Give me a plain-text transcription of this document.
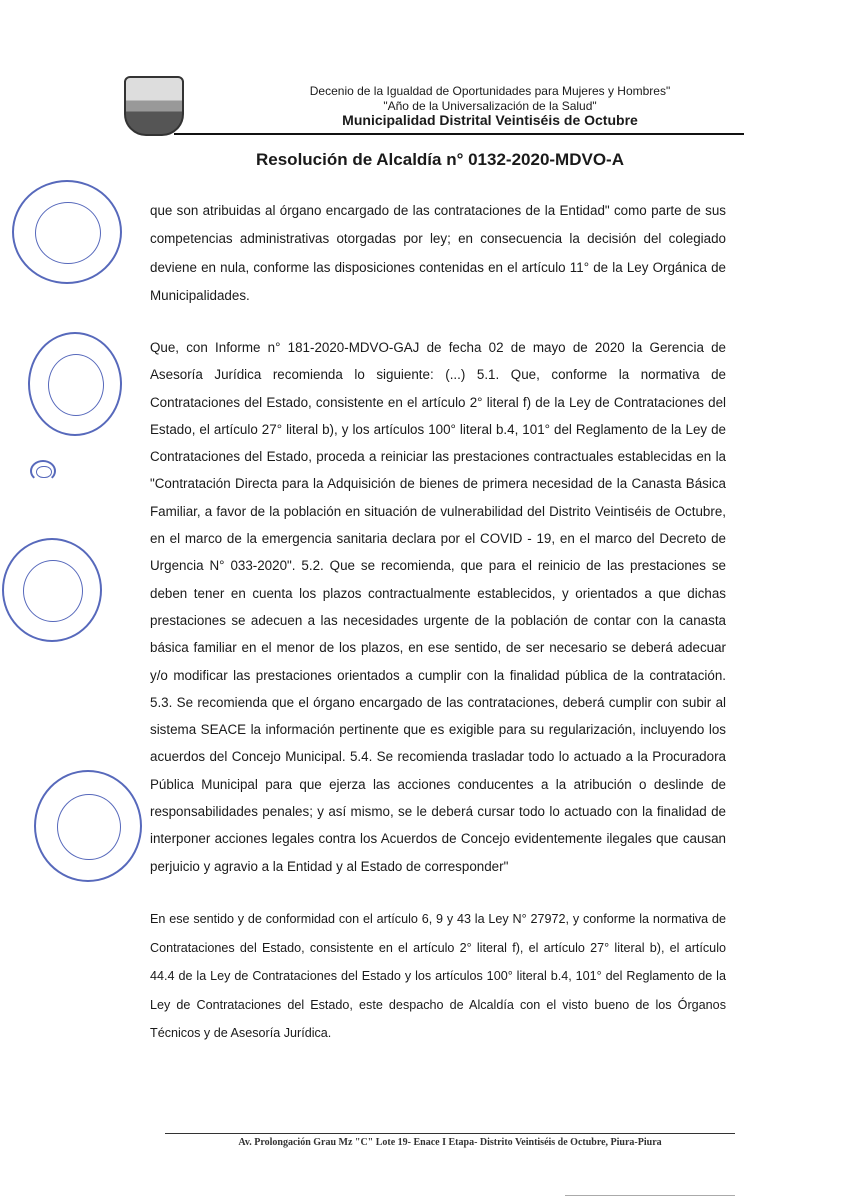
Decenio de la Igualdad de Oportunidades para Mujeres y Hombres"
"Año de la Universalización de la Salud"
Municipalidad Distrital Veintiséis de Octubre
Resolución de Alcaldía n° 0132-2020-MDVO-A
que son atribuidas al órgano encargado de las contrataciones de la Entidad" como parte de sus competencias administrativas otorgadas por ley; en consecuencia la decisión del colegiado deviene en nula, conforme las disposiciones contenidas en el artículo 11° de la Ley Orgánica de Municipalidades.
Que, con Informe n° 181-2020-MDVO-GAJ de fecha 02 de mayo de 2020 la Gerencia de Asesoría Jurídica recomienda lo siguiente: (...) 5.1. Que, conforme la normativa de Contrataciones del Estado, consistente en el artículo 2° literal f) de la Ley de Contrataciones del Estado, el artículo 27° literal b), y los artículos 100° literal b.4, 101° del Reglamento de la Ley de Contrataciones del Estado, proceda a reiniciar las prestaciones contractuales establecidas en la "Contratación Directa para la Adquisición de bienes de primera necesidad de la Canasta Básica Familiar, a favor de la población en situación de vulnerabilidad del Distrito Veintiséis de Octubre, en el marco de la emergencia sanitaria declara por el COVID - 19, en el marco del Decreto de Urgencia N° 033-2020". 5.2. Que se recomienda, que para el reinicio de las prestaciones se deben tener en cuenta los plazos contractualmente establecidos, y orientados a que dichas prestaciones se adecuen a las necesidades urgente de la población de contar con la canasta básica familiar en el menor de los plazos, en ese sentido, de ser necesario se deberá adecuar y/o modificar las prestaciones orientados a cumplir con la finalidad pública de la contratación. 5.3. Se recomienda que el órgano encargado de las contrataciones, deberá cumplir con subir al sistema SEACE la información pertinente que es exigible para su regularización, incluyendo los acuerdos del Concejo Municipal. 5.4. Se recomienda trasladar todo lo actuado a la Procuradora Pública Municipal para que ejerza las acciones conducentes a la atribución o deslinde de responsabilidades penales; y así mismo, se le deberá cursar todo lo actuado con la finalidad de interponer acciones legales contra los Acuerdos de Concejo evidentemente ilegales que causan perjuicio y agravio a la Entidad y al Estado de corresponder"
En ese sentido y de conformidad con el artículo 6, 9 y 43 la Ley N° 27972, y conforme la normativa de Contrataciones del Estado, consistente en el artículo 2° literal f), el artículo 27° literal b), el artículo 44.4 de la Ley de Contrataciones del Estado y los artículos 100° literal b.4, 101° del Reglamento de la Ley de Contrataciones del Estado, este despacho de Alcaldía con el visto bueno de los Órganos Técnicos y de Asesoría Jurídica.
Av. Prolongación Grau Mz "C" Lote 19- Enace I Etapa- Distrito Veintiséis de Octubre, Piura-Piura
